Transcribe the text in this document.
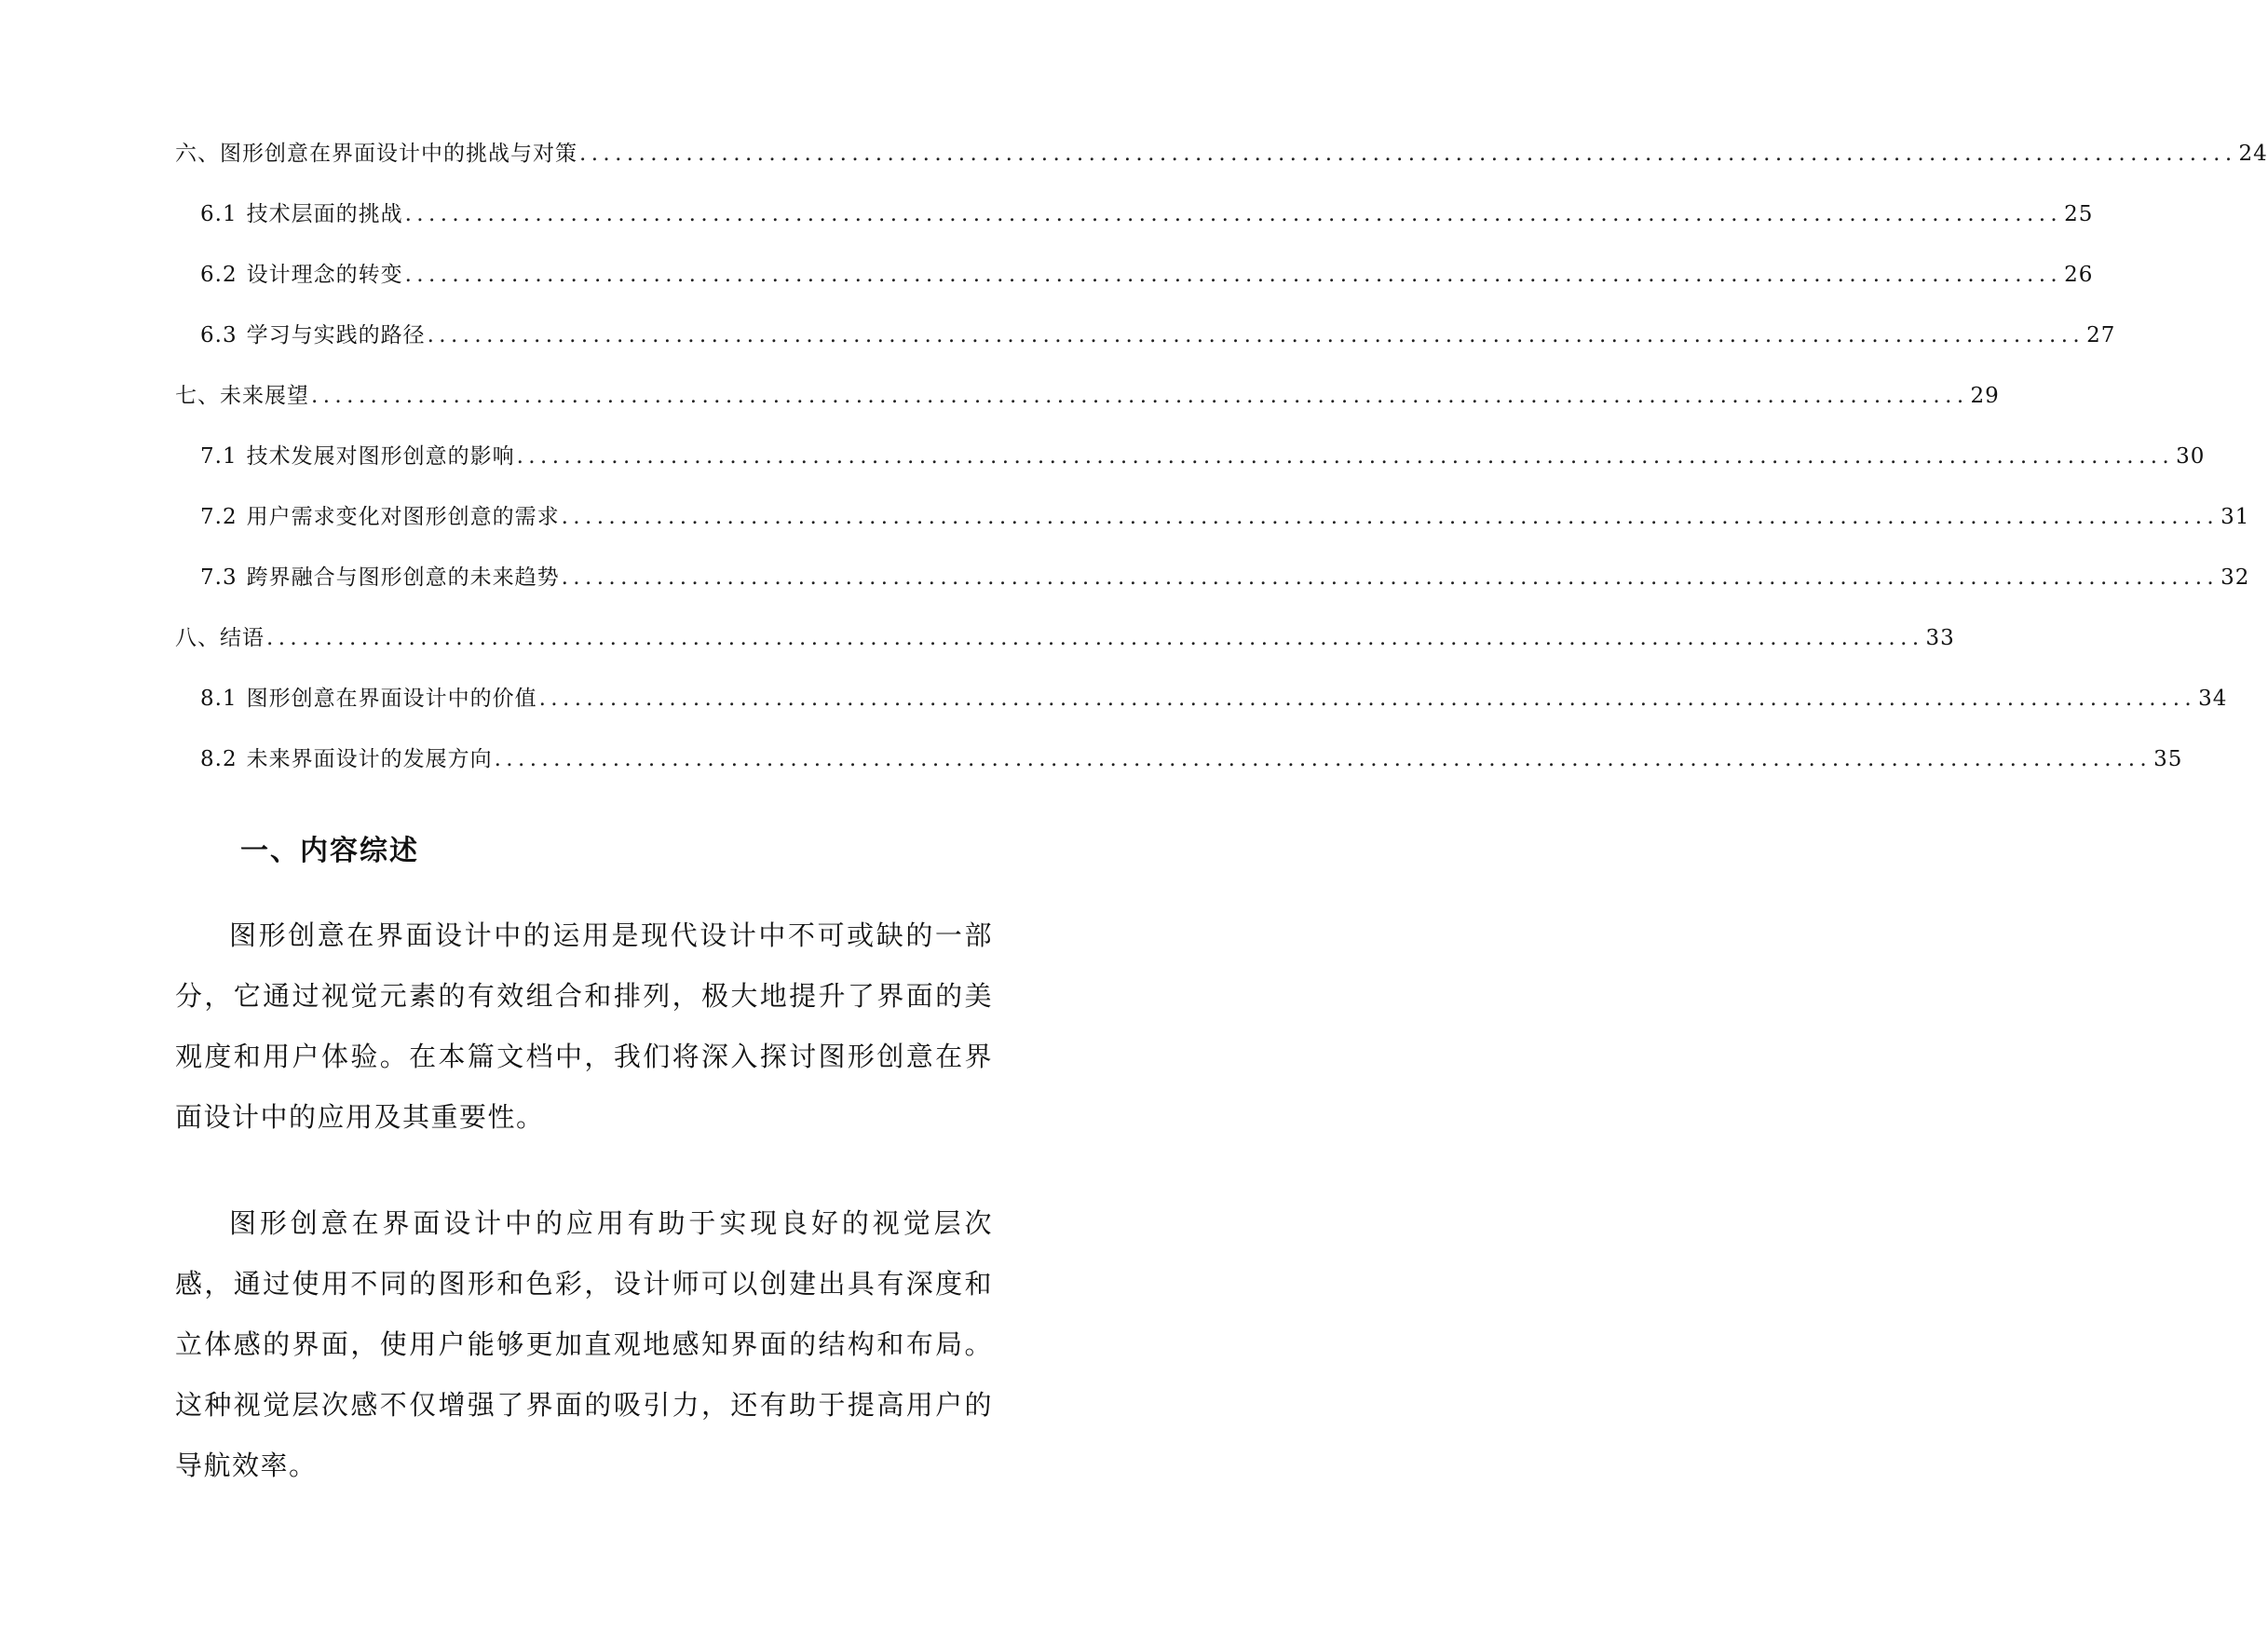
六、 图形创意在界面设计中的挑战与对策 ............................................................................................................................................ 24
6.1 技术层面的挑战 ............................................................................................................................................ 25
6.2 设计理念的转变 ............................................................................................................................................ 26
6.3 学习与实践的路径 ............................................................................................................................................ 27
七、 未来展望 ............................................................................................................................................ 29
7.1 技术发展对图形创意的影响 ............................................................................................................................................ 30
7.2 用户需求变化对图形创意的需求 ............................................................................................................................................ 31
7.3 跨界融合与图形创意的未来趋势 ............................................................................................................................................ 32
八、 结语 ............................................................................................................................................ 33
8.1 图形创意在界面设计中的价值 ............................................................................................................................................ 34
8.2 未来界面设计的发展方向 ............................................................................................................................................ 35
一、内容综述

图形创意在界面设计中的运用是现代设计中不可或缺的一部分，它通过视觉元素的有效组合和排列，极大地提升了界面的美观度和用户体验。在本篇文档中，我们将深入探讨图形创意在界面设计中的应用及其重要性。

图形创意在界面设计中的应用有助于实现良好的视觉层次感，通过使用不同的图形和色彩，设计师可以创建出具有深度和立体感的界面，使用户能够更加直观地感知界面的结构和布局。这种视觉层次感不仅增强了界面的吸引力，还有助于提高用户的导航效率。
